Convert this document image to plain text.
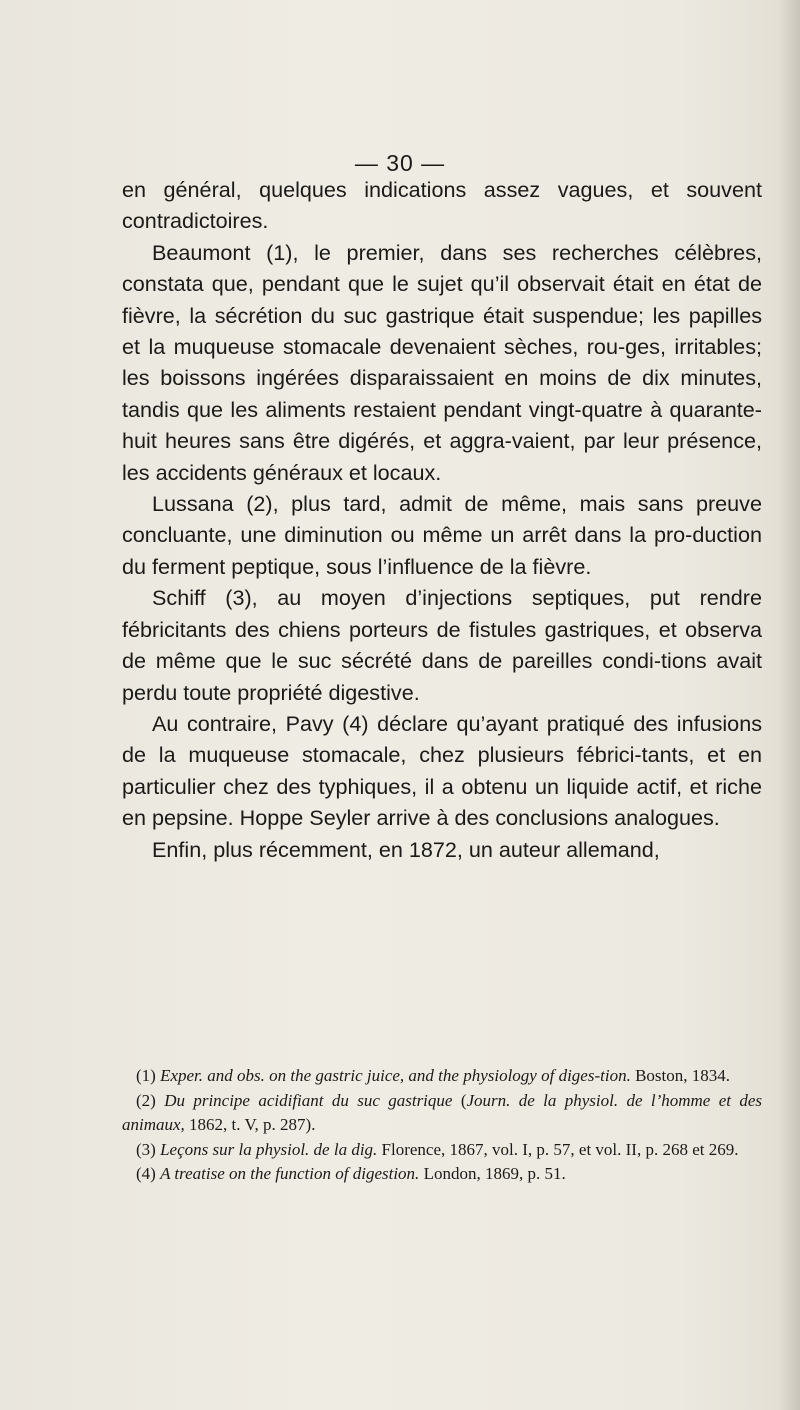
— 30 —

en général, quelques indications assez vagues, et souvent contradictoires.

Beaumont (1), le premier, dans ses recherches célèbres, constata que, pendant que le sujet qu’il observait était en état de fièvre, la sécrétion du suc gastrique était suspendue; les papilles et la muqueuse stomacale devenaient sèches, rou-ges, irritables; les boissons ingérées disparaissaient en moins de dix minutes, tandis que les aliments restaient pendant vingt-quatre à quarante-huit heures sans être digérés, et aggra-vaient, par leur présence, les accidents généraux et locaux.

Lussana (2), plus tard, admit de même, mais sans preuve concluante, une diminution ou même un arrêt dans la pro-duction du ferment peptique, sous l’influence de la fièvre.

Schiff (3), au moyen d’injections septiques, put rendre fébricitants des chiens porteurs de fistules gastriques, et observa de même que le suc sécrété dans de pareilles condi-tions avait perdu toute propriété digestive.

Au contraire, Pavy (4) déclare qu’ayant pratiqué des infusions de la muqueuse stomacale, chez plusieurs fébrici-tants, et en particulier chez des typhiques, il a obtenu un liquide actif, et riche en pepsine. Hoppe Seyler arrive à des conclusions analogues.

Enfin, plus récemment, en 1872, un auteur allemand,

(1) Exper. and obs. on the gastric juice, and the physiology of diges-tion. Boston, 1834.

(2) Du principe acidifiant du suc gastrique (Journ. de la physiol. de l’homme et des animaux, 1862, t. V, p. 287).

(3) Leçons sur la physiol. de la dig. Florence, 1867, vol. I, p. 57, et vol. II, p. 268 et 269.

(4) A treatise on the function of digestion. London, 1869, p. 51.
